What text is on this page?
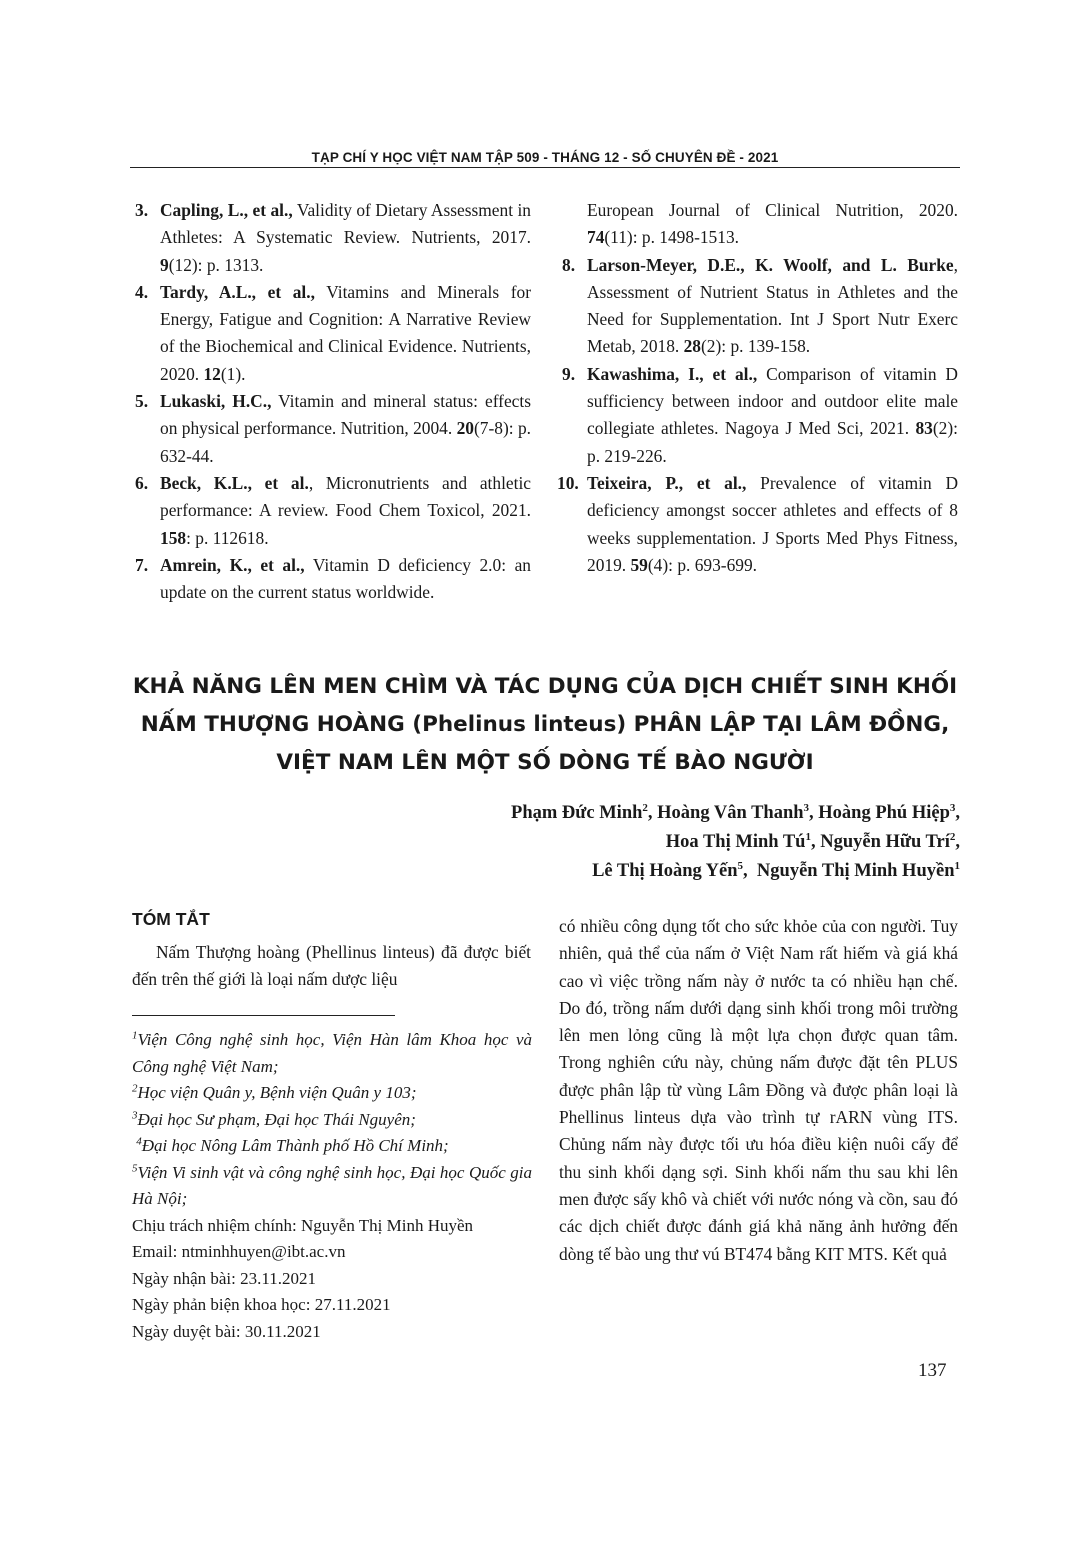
TẠP CHÍ Y HỌC VIỆT NAM TẬP 509 - THÁNG 12 - SỐ CHUYÊN ĐỀ - 2021
3. Capling, L., et al., Validity of Dietary Assessment in Athletes: A Systematic Review. Nutrients, 2017. 9(12): p. 1313.
4. Tardy, A.L., et al., Vitamins and Minerals for Energy, Fatigue and Cognition: A Narrative Review of the Biochemical and Clinical Evidence. Nutrients, 2020. 12(1).
5. Lukaski, H.C., Vitamin and mineral status: effects on physical performance. Nutrition, 2004. 20(7-8): p. 632-44.
6. Beck, K.L., et al., Micronutrients and athletic performance: A review. Food Chem Toxicol, 2021. 158: p. 112618.
7. Amrein, K., et al., Vitamin D deficiency 2.0: an update on the current status worldwide.
European Journal of Clinical Nutrition, 2020. 74(11): p. 1498-1513.
8. Larson-Meyer, D.E., K. Woolf, and L. Burke, Assessment of Nutrient Status in Athletes and the Need for Supplementation. Int J Sport Nutr Exerc Metab, 2018. 28(2): p. 139-158.
9. Kawashima, I., et al., Comparison of vitamin D sufficiency between indoor and outdoor elite male collegiate athletes. Nagoya J Med Sci, 2021. 83(2): p. 219-226.
10. Teixeira, P., et al., Prevalence of vitamin D deficiency amongst soccer athletes and effects of 8 weeks supplementation. J Sports Med Phys Fitness, 2019. 59(4): p. 693-699.
KHẢ NĂNG LÊN MEN CHÌM VÀ TÁC DỤNG CỦA DỊCH CHIẾT SINH KHỐI
NẤM THƯỢNG HOÀNG (Phelinus linteus) PHÂN LẬP TẠI LÂM ĐỒNG,
VIỆT NAM LÊN MỘT SỐ DÒNG TẾ BÀO NGƯỜI
Phạm Đức Minh$^2$, Hoàng Vân Thanh$^3$, Hoàng Phú Hiệp$^3$,
Hoa Thị Minh $Tú^1$, Nguyễn Hữu Trí$^2$,
Lê Thị Hoàng Yến$^5$,  Nguyễn Thị Minh Huyền$^1$
TÓM TẮT
Nấm Thượng hoàng (Phellinus linteus) đã được biết đến trên thế giới là loại nấm dược liệu
$^1$Viện Công nghệ sinh học, Viện Hàn lâm Khoa học và Công nghệ Việt Nam;
$^2$Học viện Quân y, Bệnh viện Quân y 103;
$^3$Đại học Sư phạm, Đại học Thái Nguyên;
$^4$Đại học Nông Lâm Thành phố Hồ Chí Minh;
$^5$Viện Vi sinh vật và công nghệ sinh học, Đại học Quốc gia Hà Nội;
Chịu trách nhiệm chính: Nguyễn Thị Minh Huyền
Email: ntminhhuyen@ibt.ac.vn
Ngày nhận bài: 23.11.2021
Ngày phản biện khoa học: 27.11.2021
Ngày duyệt bài: 30.11.2021
có nhiều công dụng tốt cho sức khỏe của con người. Tuy nhiên, quả thể của nấm ở Việt Nam rất hiếm và giá khá cao vì việc trồng nấm này ở nước ta có nhiều hạn chế. Do đó, trồng nấm dưới dạng sinh khối trong môi trường lên men lỏng cũng là một lựa chọn được quan tâm. Trong nghiên cứu này, chủng nấm được đặt tên PLUS được phân lập từ vùng Lâm Đồng và được phân loại là Phellinus linteus dựa vào trình tự rARN vùng ITS. Chủng nấm này được tối ưu hóa điều kiện nuôi cấy để thu sinh khối dạng sợi. Sinh khối nấm thu sau khi lên men được sấy khô và chiết với nước nóng và cồn, sau đó các dịch chiết được đánh giá khả năng ảnh hưởng đến dòng tế bào ung thư vú BT474 bằng KIT MTS. Kết quả
137
